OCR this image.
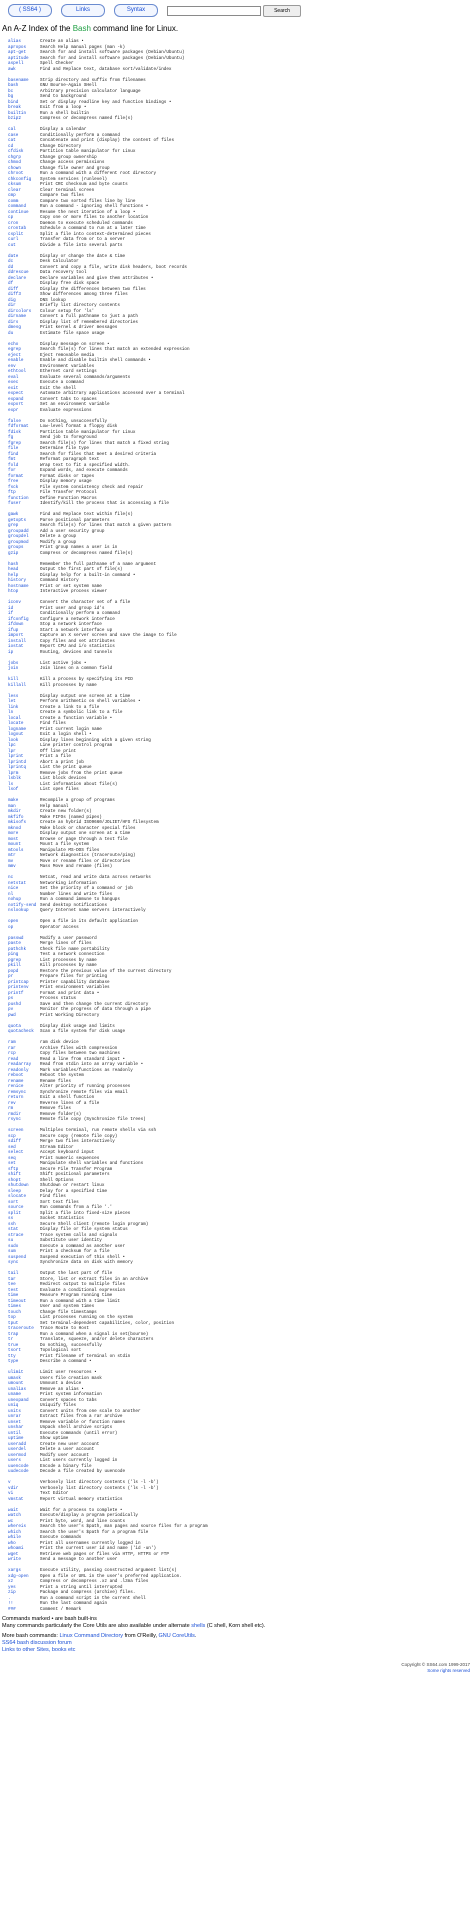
( SS64 )	Links	Syntax	Search
An A-Z Index of the Bash command line for Linux.
alias	Create an alias •
apropos	Search Help manual pages (man -k)
apt-get	Search for and install software packages (Debian/Ubuntu)
aptitude	Search for and install software packages (Debian/Ubuntu)
aspell	Spell Checker
awk	Find and Replace text, database sort/validate/index

basename	Strip directory and suffix from filenames
bash	GNU Bourne-Again SHell
bc	Arbitrary precision calculator language
bg	Send to background
bind	Set or display readline key and function bindings •
break	Exit from a loop •
builtin	Run a shell builtin
bzip2	Compress or decompress named file(s)

cal	Display a calendar
case	Conditionally perform a command
cat	Concatenate and print (display) the content of files
cd	Change Directory
cfdisk	Partition table manipulator for Linux
chgrp	Change group ownership
chmod	Change access permissions
chown	Change file owner and group
chroot	Run a command with a different root directory
chkconfig	System services (runlevel)
cksum	Print CRC checksum and byte counts
clear	Clear terminal screen
cmp	Compare two files
comm	Compare two sorted files line by line
command	Run a command - ignoring shell functions •
continue	Resume the next iteration of a loop •
cp	Copy one or more files to another location
cron	Daemon to execute scheduled commands
crontab	Schedule a command to run at a later time
csplit	Split a file into context-determined pieces
curl	Transfer data from or to a server
cut	Divide a file into several parts

date	Display or change the date & time
dc	Desk Calculator
dd	Convert and copy a file, write disk headers, boot records
ddrescue	Data recovery tool
declare	Declare variables and give them attributes •
df	Display free disk space
diff	Display the differences between two files
diff3	Show differences among three files
dig	DNS lookup
dir	Briefly list directory contents
dircolors	Colour setup for 'ls'
dirname	Convert a full pathname to just a path
dirs	Display list of remembered directories
dmesg	Print kernel & driver messages
du	Estimate file space usage

echo	Display message on screen •
egrep	Search file(s) for lines that match an extended expression
eject	Eject removable media
enable	Enable and disable builtin shell commands •
env	Environment variables
ethtool	Ethernet card settings
eval	Evaluate several commands/arguments
exec	Execute a command
exit	Exit the shell
expect	Automate arbitrary applications accessed over a terminal
expand	Convert tabs to spaces
export	Set an environment variable
expr	Evaluate expressions

false	Do nothing, unsuccessfully
fdformat	Low-level format a floppy disk
fdisk	Partition table manipulator for Linux
fg	Send job to foreground
fgrep	Search file(s) for lines that match a fixed string
file	Determine file type
find	Search for files that meet a desired criteria
fmt	Reformat paragraph text
fold	Wrap text to fit a specified width.
for	Expand words, and execute commands
format	Format disks or tapes
free	Display memory usage
fsck	File system consistency check and repair
ftp	File Transfer Protocol
function	Define Function Macros
fuser	Identify/kill the process that is accessing a file

gawk	Find and Replace text within file(s)
getopts	Parse positional parameters
grep	Search file(s) for lines that match a given pattern
groupadd	Add a user security group
groupdel	Delete a group
groupmod	Modify a group
groups	Print group names a user is in
gzip	Compress or decompress named file(s)

hash	Remember the full pathname of a name argument
head	Output the first part of file(s)
help	Display help for a built-in command •
history	Command History
hostname	Print or set system name
htop	Interactive process viewer

iconv	Convert the character set of a file
id	Print user and group id's
if	Conditionally perform a command
ifconfig	Configure a network interface
ifdown	Stop a network interface
ifup	Start a network interface up
import	Capture an X server screen and save the image to file
install	Copy files and set attributes
iostat	Report CPU and i/o statistics
ip	Routing, devices and tunnels

jobs	List active jobs •
join	Join lines on a common field

kill	Kill a process by specifying its PID
killall	Kill processes by name

less	Display output one screen at a time
let	Perform arithmetic on shell variables •
link	Create a link to a file
ln	Create a symbolic link to a file
local	Create a function variable •
locate	Find files
logname	Print current login name
logout	Exit a login shell •
look	Display lines beginning with a given string
lpc	Line printer control program
lpr	Off line print
lprint	Print a file
lprintd	Abort a print job
lprintq	List the print queue
lprm	Remove jobs from the print queue
lsblk	List block devices
ls	List information about file(s)
lsof	List open files

make	Recompile a group of programs
man	Help manual
mkdir	Create new folder(s)
mkfifo	Make FIFOs (named pipes)
mkisofs	Create an hybrid ISO9660/JOLIET/HFS filesystem
mknod	Make block or character special files
more	Display output one screen at a time
most	Browse or page through a text file
mount	Mount a file system
mtools	Manipulate MS-DOS files
mtr	Network diagnostics (traceroute/ping)
mv	Move or rename files or directories
mmv	Mass Move and rename (files)

nc	Netcat, read and write data across networks
netstat	Networking information
nice	Set the priority of a command or job
nl	Number lines and write files
nohup	Run a command immune to hangups
notify-send	Send desktop notifications
nslookup	Query Internet name servers interactively

open	Open a file in its default application
op	Operator access

passwd	Modify a user password
paste	Merge lines of files
pathchk	Check file name portability
ping	Test a network connection
pgrep	List processes by name
pkill	Kill processes by name
popd	Restore the previous value of the current directory
pr	Prepare files for printing
printcap	Printer capability database
printenv	Print environment variables
printf	Format and print data •
ps	Process status
pushd	Save and then change the current directory
pv	Monitor the progress of data through a pipe
pwd	Print Working Directory

quota	Display disk usage and limits
quotacheck	Scan a file system for disk usage

ram	ram disk device
rar	Archive files with compression
rcp	Copy files between two machines
read	Read a line from standard input •
readarray	Read from stdin into an array variable •
readonly	Mark variables/functions as readonly
reboot	Reboot the system
rename	Rename files
renice	Alter priority of running processes
remsync	Synchronize remote files via email
return	Exit a shell function
rev	Reverse lines of a file
rm	Remove files
rmdir	Remove folder(s)
rsync	Remote file copy (Synchronize file trees)

screen	Multiplex terminal, run remote shells via ssh
scp	Secure copy (remote file copy)
sdiff	Merge two files interactively
sed	Stream Editor
select	Accept keyboard input
seq	Print numeric sequences
set	Manipulate shell variables and functions
sftp	Secure File Transfer Program
shift	Shift positional parameters
shopt	Shell Options
shutdown	Shutdown or restart linux
sleep	Delay for a specified time
slocate	Find files
sort	Sort text files
source	Run commands from a file '.'
split	Split a file into fixed-size pieces
ss	Socket Statistics
ssh	Secure Shell client (remote login program)
stat	Display file or file system status
strace	Trace system calls and signals
su	Substitute user identity
sudo	Execute a command as another user
sum	Print a checksum for a file
suspend	Suspend execution of this shell •
sync	Synchronize data on disk with memory

tail	Output the last part of file
tar	Store, list or extract files in an archive
tee	Redirect output to multiple files
test	Evaluate a conditional expression
time	Measure Program running time
timeout	Run a command with a time limit
times	User and system times
touch	Change file timestamps
top	List processes running on the system
tput	Set terminal-dependent capabilities, color, position
traceroute	Trace Route to Host
trap	Run a command when a signal is set(bourne)
tr	Translate, squeeze, and/or delete characters
true	Do nothing, successfully
tsort	Topological sort
tty	Print filename of terminal on stdin
type	Describe a command •

ulimit	Limit user resources •
umask	Users file creation mask
umount	Unmount a device
unalias	Remove an alias •
uname	Print system information
unexpand	Convert spaces to tabs
uniq	Uniquify files
units	Convert units from one scale to another
unrar	Extract files from a rar archive
unset	Remove variable or function names
unshar	Unpack shell archive scripts
until	Execute commands (until error)
uptime	Show uptime
useradd	Create new user account
userdel	Delete a user account
usermod	Modify user account
users	List users currently logged in
uuencode	Encode a binary file
uudecode	Decode a file created by uuencode

v	Verbosely list directory contents ('ls -l -b')
vdir	Verbosely list directory contents ('ls -l -b')
vi	Text Editor
vmstat	Report virtual memory statistics

wait	Wait for a process to complete •
watch	Execute/display a program periodically
wc	Print byte, word, and line counts
whereis	Search the user's $path, man pages and source files for a program
which	Search the user's $path for a program file
while	Execute commands
who	Print all usernames currently logged in
whoami	Print the current user id and name ('id -un')
wget	Retrieve web pages or files via HTTP, HTTPS or FTP
write	Send a message to another user

xargs	Execute utility, passing constructed argument list(s)
xdg-open	Open a file or URL in the user's preferred application.
xz	Compress or decompress .xz and .lzma files
yes	Print a string until interrupted
zip	Package and compress (archive) files.
.	Run a command script in the current shell
!!	Run the last command again
###	Comment / Remark
Commands marked • are bash built-ins
Many commands particularly the Core Utils are also available under alternate shells (C shell, Korn shell etc).
More bash commands: Linux Command Directory from O'Reilly, GNU CoreUtils.
SS64 bash discussion forum
Links to other Sites, books etc
Copyright © SS64.com 1999-2017
Some rights reserved
